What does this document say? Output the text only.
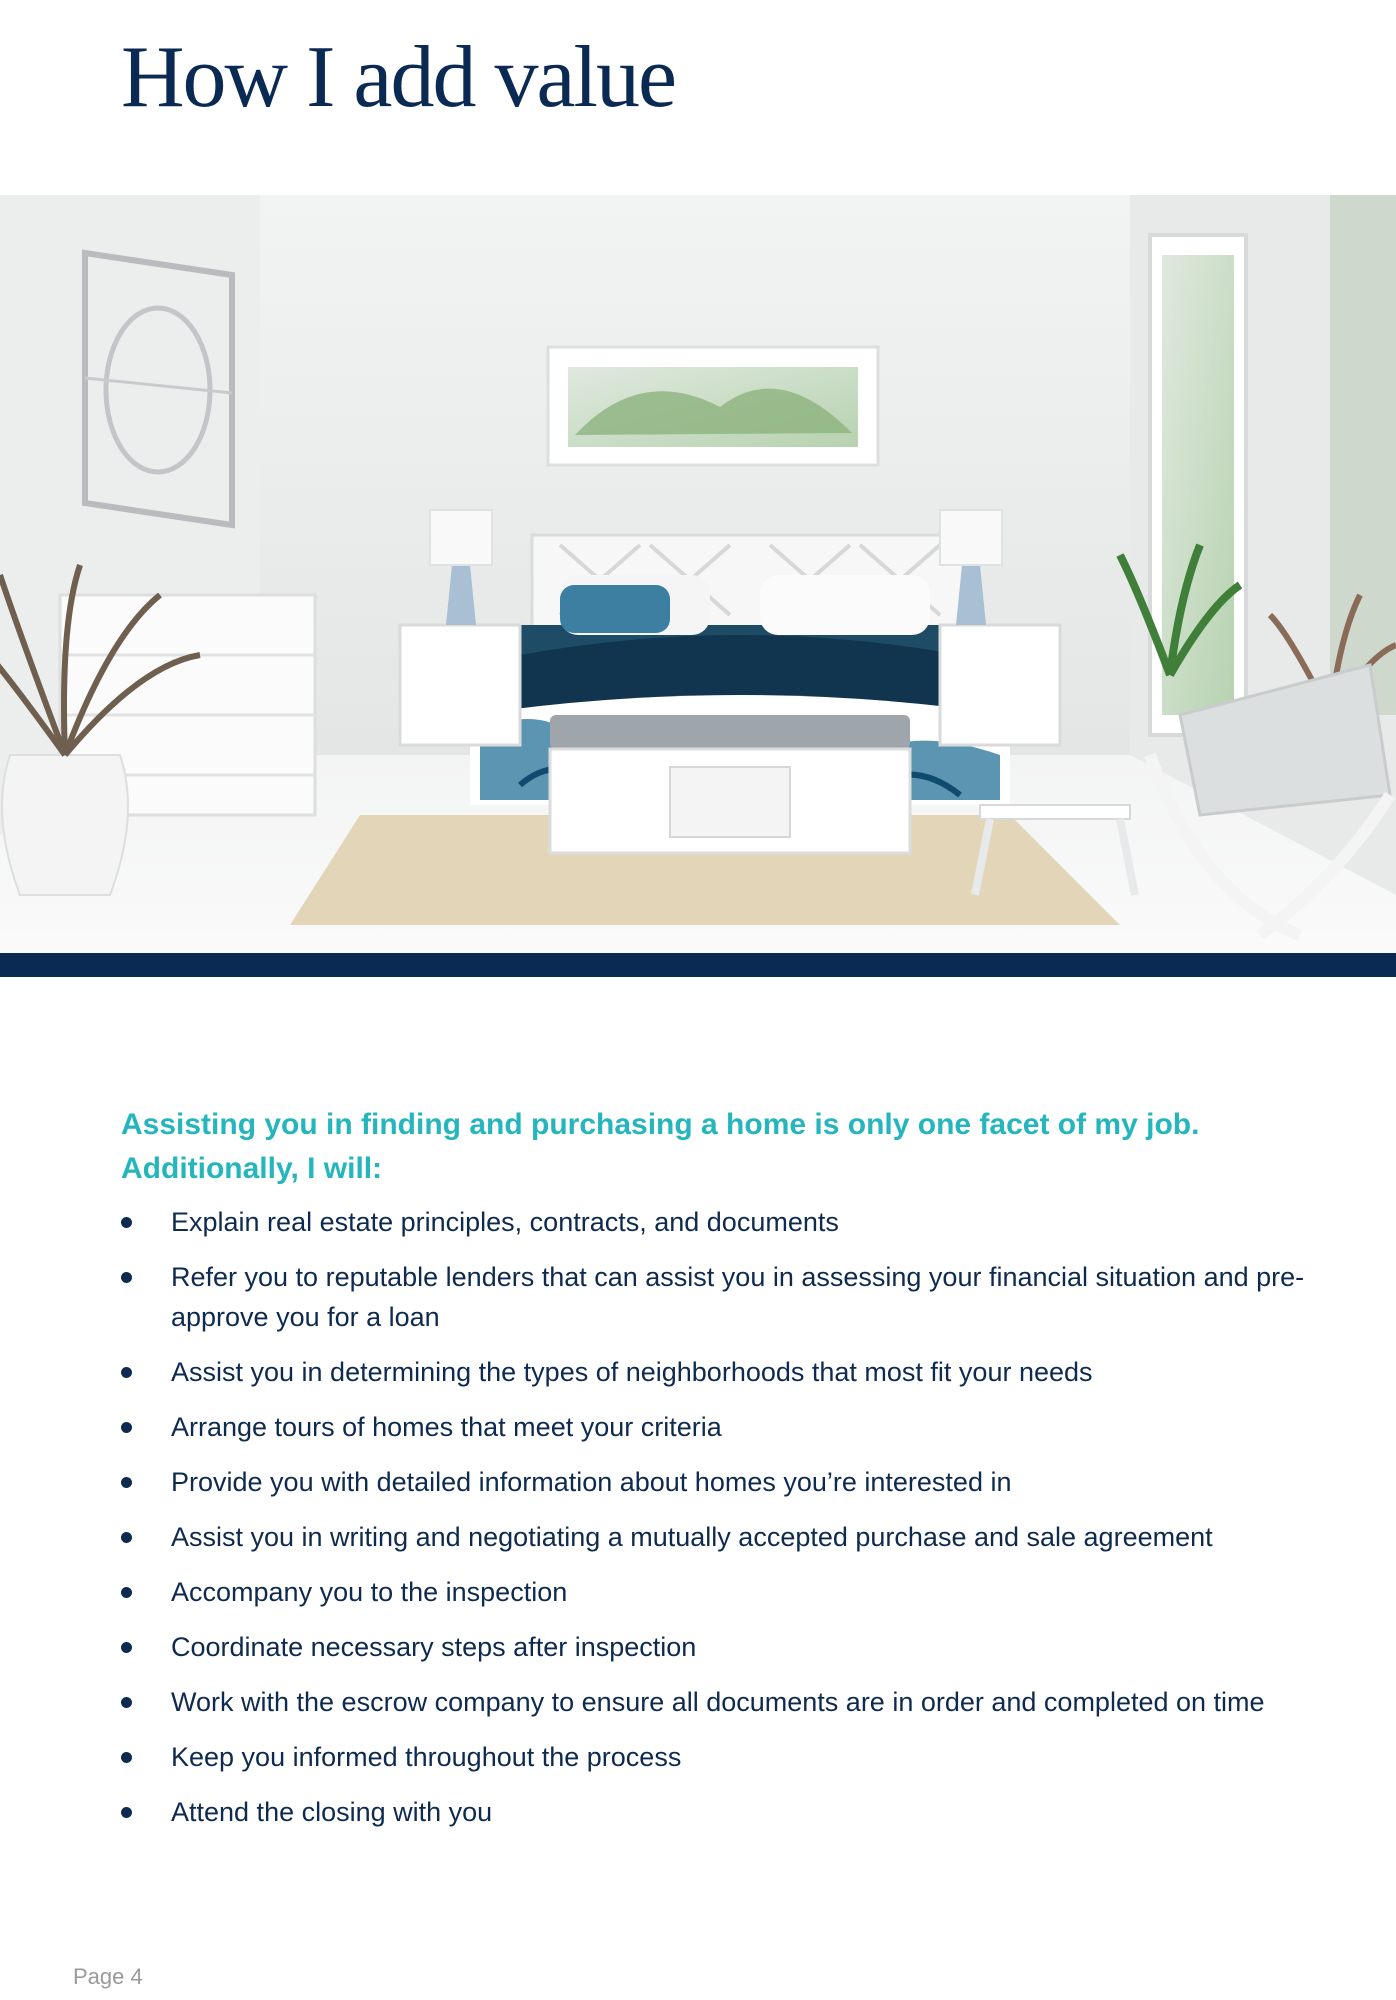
How I add value

Assisting you in finding and purchasing a home is only one facet of my job.
Additionally, I will:

Explain real estate principles, contracts, and documents
Refer you to reputable lenders that can assist you in assessing your financial situation and pre-approve you for a loan
Assist you in determining the types of neighborhoods that most fit your needs
Arrange tours of homes that meet your criteria
Provide you with detailed information about homes you’re interested in
Assist you in writing and negotiating a mutually accepted purchase and sale agreement
Accompany you to the inspection
Coordinate necessary steps after inspection
Work with the escrow company to ensure all documents are in order and completed on time
Keep you informed throughout the process
Attend the closing with you
Page 4
